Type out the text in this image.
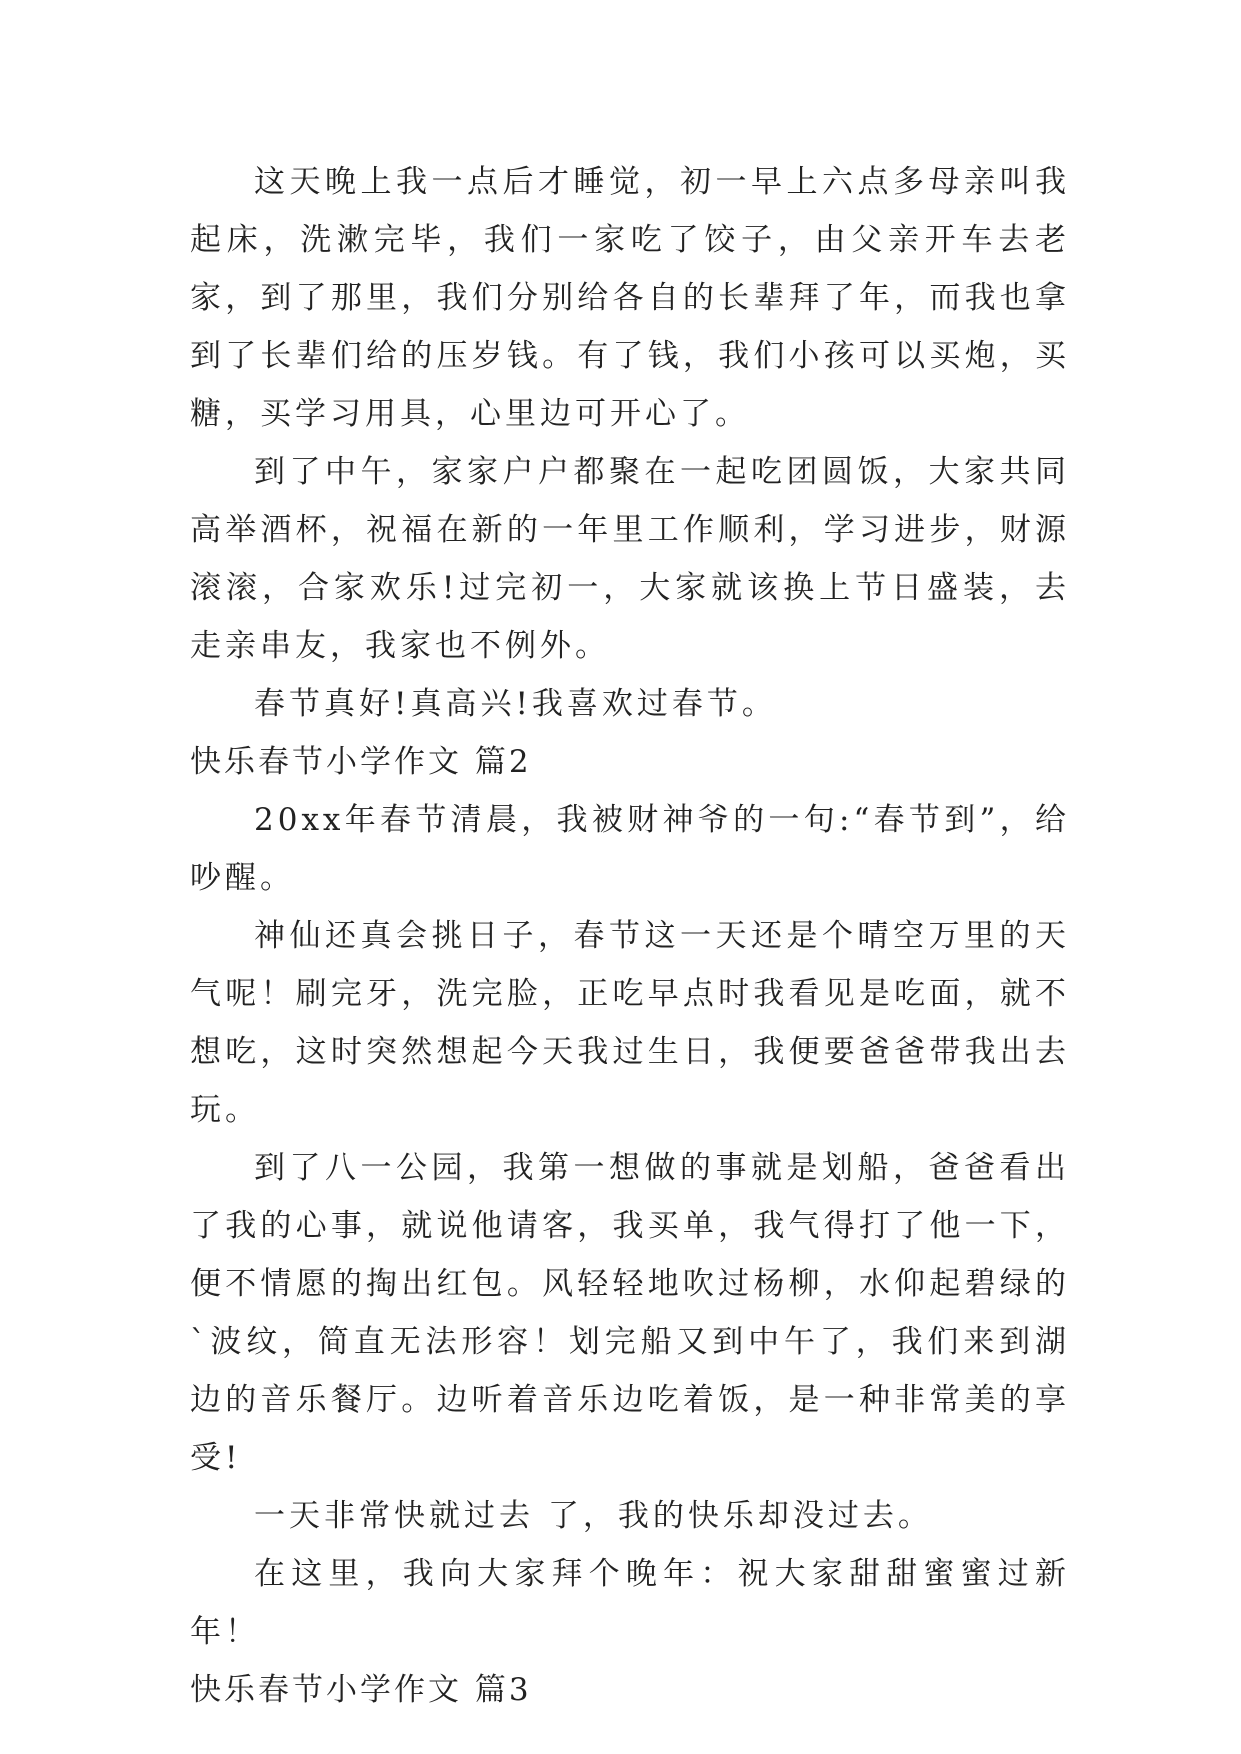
这天晚上我一点后才睡觉，初一早上六点多母亲叫我起床，洗漱完毕，我们一家吃了饺子，由父亲开车去老家，到了那里，我们分别给各自的长辈拜了年，而我也拿到了长辈们给的压岁钱。有了钱，我们小孩可以买炮，买糖，买学习用具，心里边可开心了。

到了中午，家家户户都聚在一起吃团圆饭，大家共同高举酒杯，祝福在新的一年里工作顺利，学习进步，财源滚滚，合家欢乐!过完初一，大家就该换上节日盛装，去走亲串友，我家也不例外。

春节真好!真高兴!我喜欢过春节。

快乐春节小学作文 篇2

20xx年春节清晨，我被财神爷的一句:“春节到”，给吵醒。

神仙还真会挑日子，春节这一天还是个晴空万里的天气呢！刷完牙，洗完脸，正吃早点时我看见是吃面，就不想吃，这时突然想起今天我过生日，我便要爸爸带我出去玩。

到了八一公园，我第一想做的事就是划船，爸爸看出了我的心事，就说他请客，我买单，我气得打了他一下，便不情愿的掏出红包。风轻轻地吹过杨柳，水仰起碧绿的`波纹，简直无法形容！划完船又到中午了，我们来到湖边的音乐餐厅。边听着音乐边吃着饭，是一种非常美的享受!

一天非常快就过去 了，我的快乐却没过去。

在这里，我向大家拜个晚年：祝大家甜甜蜜蜜过新年！

快乐春节小学作文 篇3
